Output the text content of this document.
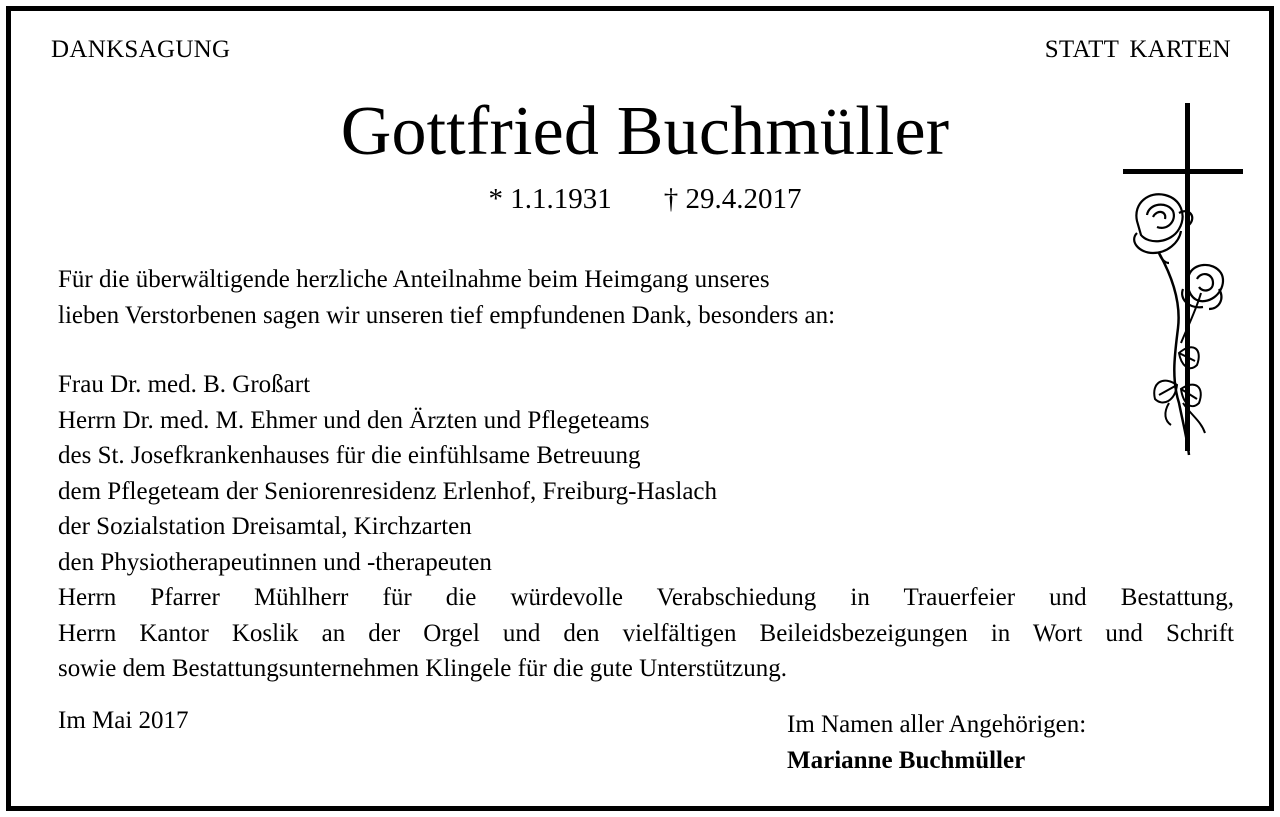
DANKSAGUNG	STATT KARTEN
Gottfried Buchmüller
* 1.1.1931 † 29.4.2017
Für die überwältigende herzliche Anteilnahme beim Heimgang unseres
lieben Verstorbenen sagen wir unseren tief empfundenen Dank, besonders an:
Frau Dr. med. B. Großart
Herrn Dr. med. M. Ehmer und den Ärzten und Pflegeteams
des St. Josefkrankenhauses für die einfühlsame Betreuung
dem Pflegeteam der Seniorenresidenz Erlenhof, Freiburg-Haslach
der Sozialstation Dreisamtal, Kirchzarten
den Physiotherapeutinnen und -therapeuten
Herrn Pfarrer Mühlherr für die würdevolle Verabschiedung in Trauerfeier und Bestattung,
Herrn Kantor Koslik an der Orgel und den vielfältigen Beileidsbezeigungen in Wort und Schrift
sowie dem Bestattungsunternehmen Klingele für die gute Unterstützung.
Im Mai 2017	Im Namen aller Angehörigen:
Marianne Buchmüller
